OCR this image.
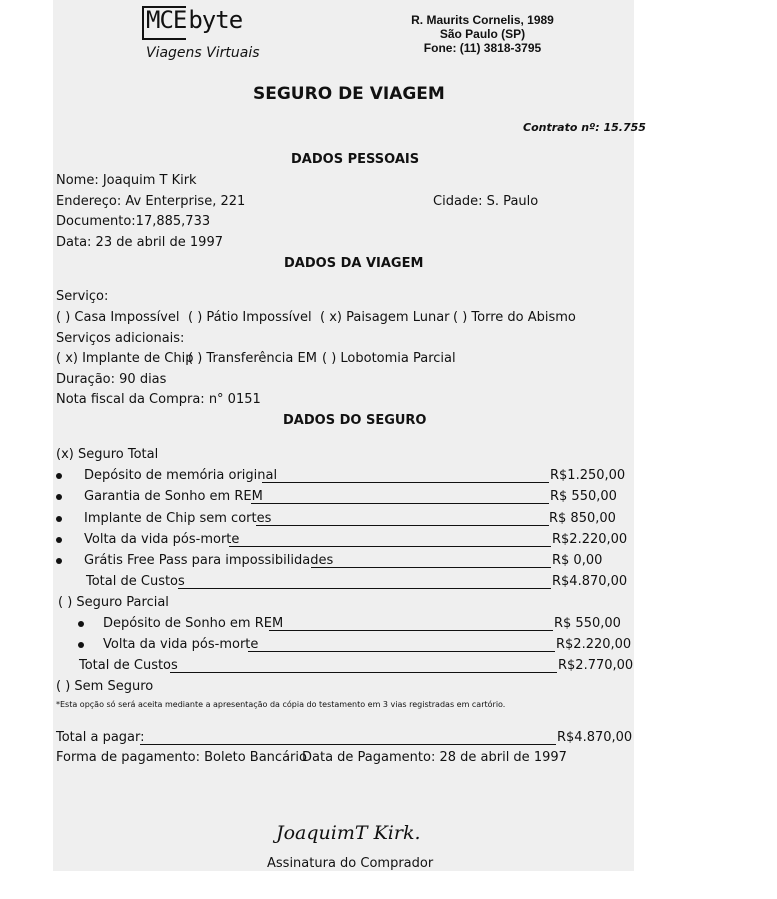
MCEbyte
Viagens Virtuais
R. Maurits Cornelis, 1989
São Paulo (SP)
Fone: (11) 3818-3795
SEGURO DE VIAGEM
Contrato nº: 15.755
DADOS PESSOAIS
Nome: Joaquim T Kirk
Endereço: Av Enterprise, 221	Cidade: S. Paulo
Documento:17,885,733
Data: 23 de abril de 1997
DADOS DA VIAGEM
Serviço:
( ) Casa Impossível ( ) Pátio Impossível ( x) Paisagem Lunar ( ) Torre do Abismo
Serviços adicionais:
( x) Implante de Chip
( ) Transferência EM ( ) Lobotomia Parcial
Duração: 90 dias
Nota fiscal da Compra: n° 0151
DADOS DO SEGURO
(x) Seguro Total
Depósito de memória original	R$1.250,00
Garantia de Sonho em REM	R$ 550,00
Implante de Chip sem cortes	R$ 850,00
Volta da vida pós-morte	R$2.220,00
Grátis Free Pass para impossibilidades	R$ 0,00
Total de Custos	R$4.870,00
( ) Seguro Parcial
Depósito de Sonho em REM	R$ 550,00
Volta da vida pós-morte	R$2.220,00
Total de Custos	R$2.770,00
( ) Sem Seguro
*Esta opção só será aceita mediante a apresentação da cópia do testamento em 3 vias registradas em cartório.
Total a pagar:	R$4.870,00
Forma de pagamento: Boleto Bancário
Data de Pagamento: 28 de abril de 1997
JoaquimT Kirk.
Assinatura do Comprador
